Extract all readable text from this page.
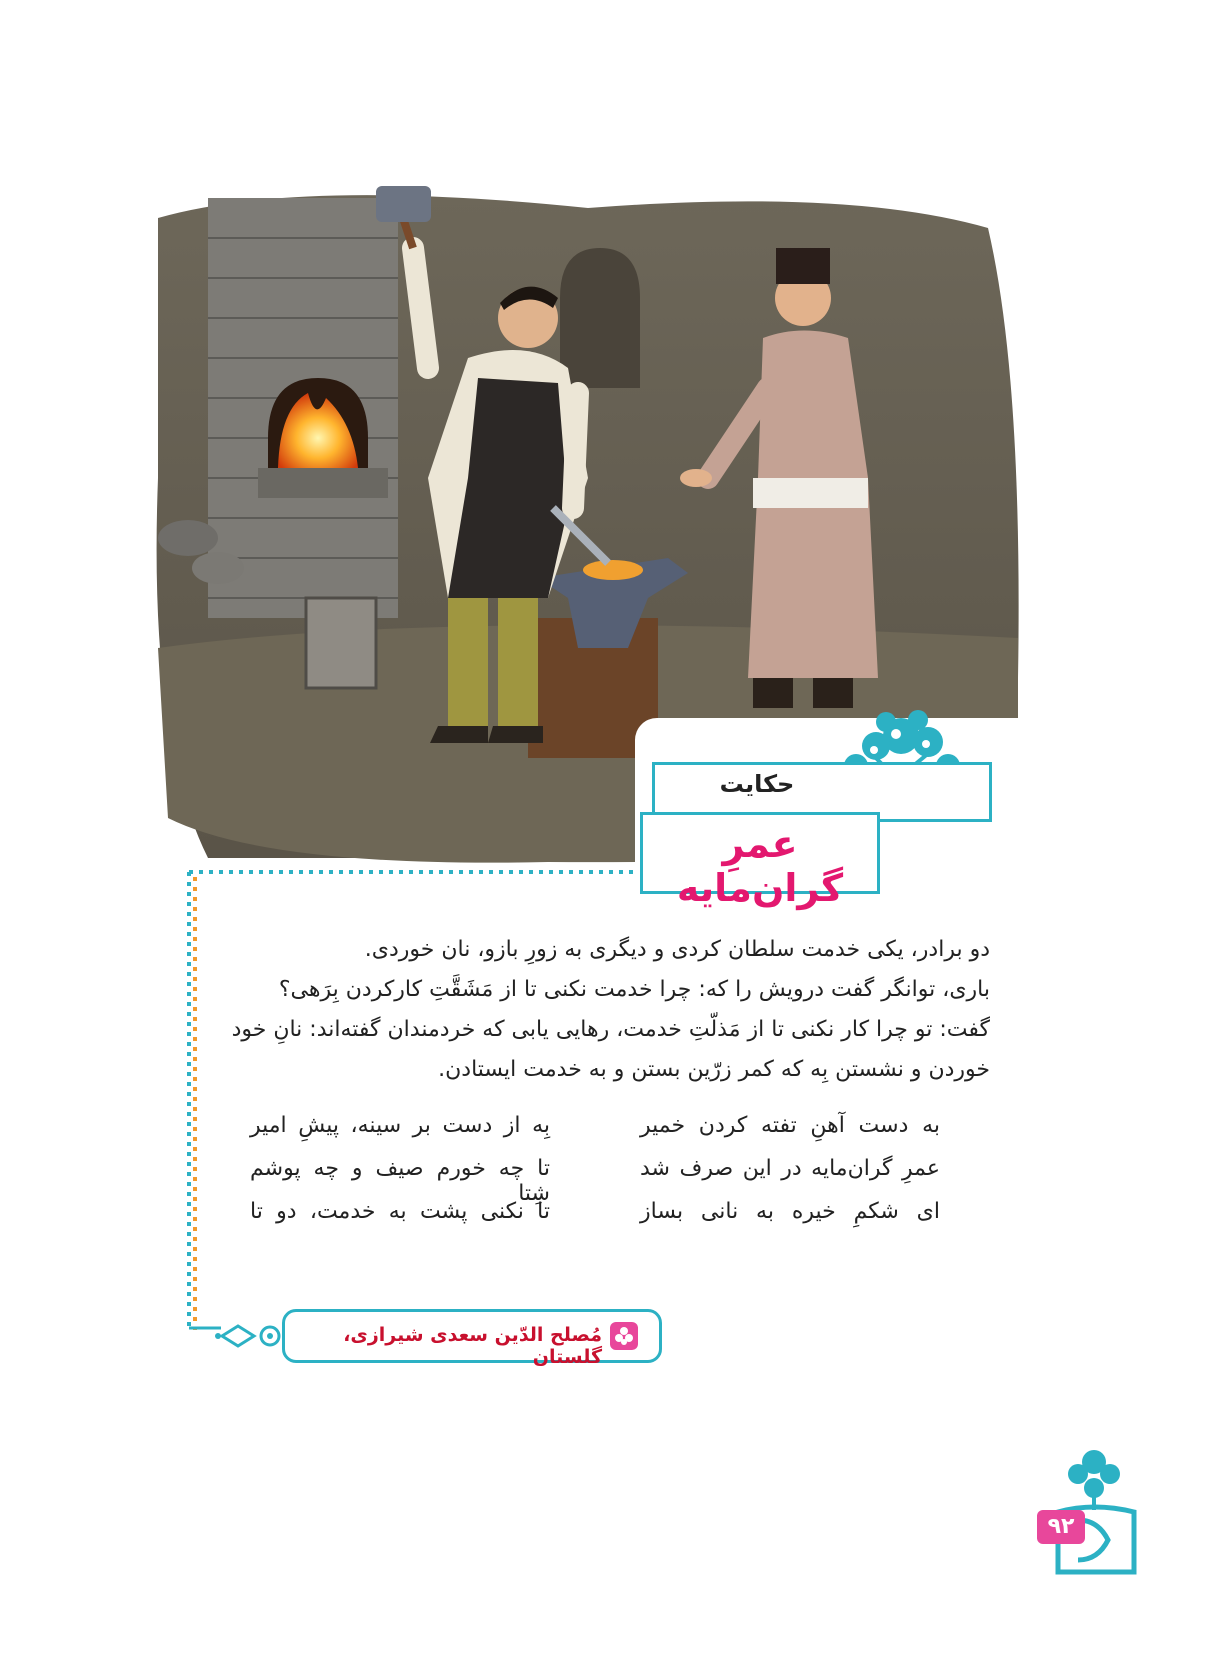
حکایت
عمرِ گران‌مایه

دو برادر، یکی خدمت سلطان کردی و دیگری به زورِ بازو، نان خوردی.

باری، توانگر گفت درویش را که: چرا خدمت نکنی تا از مَشَقَّتِ کارکردن بِرَهی؟

گفت: تو چرا کار نکنی تا از مَذلّتِ خدمت، رهایی یابی که خردمندان گفته‌اند: نانِ خود خوردن و نشستن بِه که کمر زرّین بستن و به خدمت ایستادن.

به دست آهنِ تفته کردن خمیر
بِه از دست بر سینه، پیشِ امیر
عمرِ گران‌مایه در این صرف شد
تا چه خورم صیف و چه پوشم شِتا
ای شکمِ خیره به نانی بساز
تا نکنی پشت به خدمت، دو تا
مُصلح الدّین سعدی شیرازی، گلستان
۹۲
